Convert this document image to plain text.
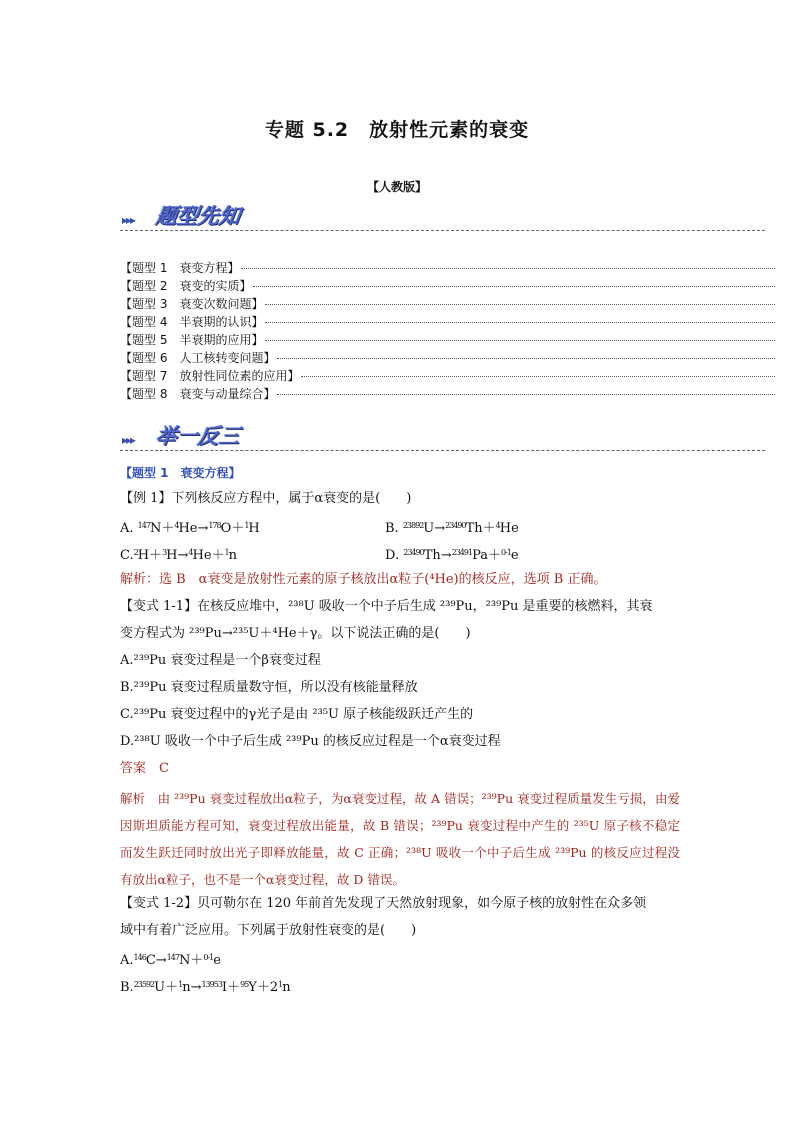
专题 5.2　放射性元素的衰变
【人教版】
▸▸▸ 题型先知
【题型 1　衰变方程】
【题型 2　衰变的实质】
【题型 3　衰变次数问题】
【题型 4　半衰期的认识】
【题型 5　半衰期的应用】
【题型 6　人工核转变问题】
【题型 7　放射性同位素的应用】
【题型 8　衰变与动量综合】
▸▸▸ 举一反三
【题型 1　衰变方程】
【例 1】下列核反应方程中，属于α衰变的是(　　)
A. $^{147}$N＋$^4$He→$^{178}$O＋$^1$H	B. $^{23892}$U→$^{23490}$Th＋$^4$He
C.$^2$H＋$^3$H→$^4$He＋$^1$n	D. $^{23490}$Th→$^{23491}$Pa＋$^{0-1}$e
解析：选 B　α衰变是放射性元素的原子核放出α粒子(⁴He)的核反应，选项 B 正确。
【变式 1-1】在核反应堆中，²³⁸U 吸收一个中子后生成 ²³⁹Pu，²³⁹Pu 是重要的核燃料，其衰
变方程式为 ²³⁹Pu→²³⁵U＋⁴He＋γ。以下说法正确的是(　　)
A.²³⁹Pu 衰变过程是一个β衰变过程
B.²³⁹Pu 衰变过程质量数守恒，所以没有核能量释放
C.²³⁹Pu 衰变过程中的γ光子是由 ²³⁵U 原子核能级跃迁产生的
D.²³⁸U 吸收一个中子后生成 ²³⁹Pu 的核反应过程是一个α衰变过程
答案　C
解析　由 ²³⁹Pu 衰变过程放出α粒子，为α衰变过程，故 A 错误；²³⁹Pu 衰变过程质量发生亏损，由爱因斯坦质能方程可知，衰变过程放出能量，故 B 错误；²³⁹Pu 衰变过程中产生的 ²³⁵U 原子核不稳定而发生跃迁同时放出光子即释放能量，故 C 正确；²³⁸U 吸收一个中子后生成 ²³⁹Pu 的核反应过程没有放出α粒子，也不是一个α衰变过程，故 D 错误。
【变式 1-2】贝可勒尔在 120 年前首先发现了天然放射现象，如今原子核的放射性在众多领
域中有着广泛应用。下列属于放射性衰变的是(　　)
A.$^{146}$C→$^{147}$N＋$^{0-1}$e
$B.^{23592}U+^1n\to^{13953}I+^{95}Y+2^1n$
